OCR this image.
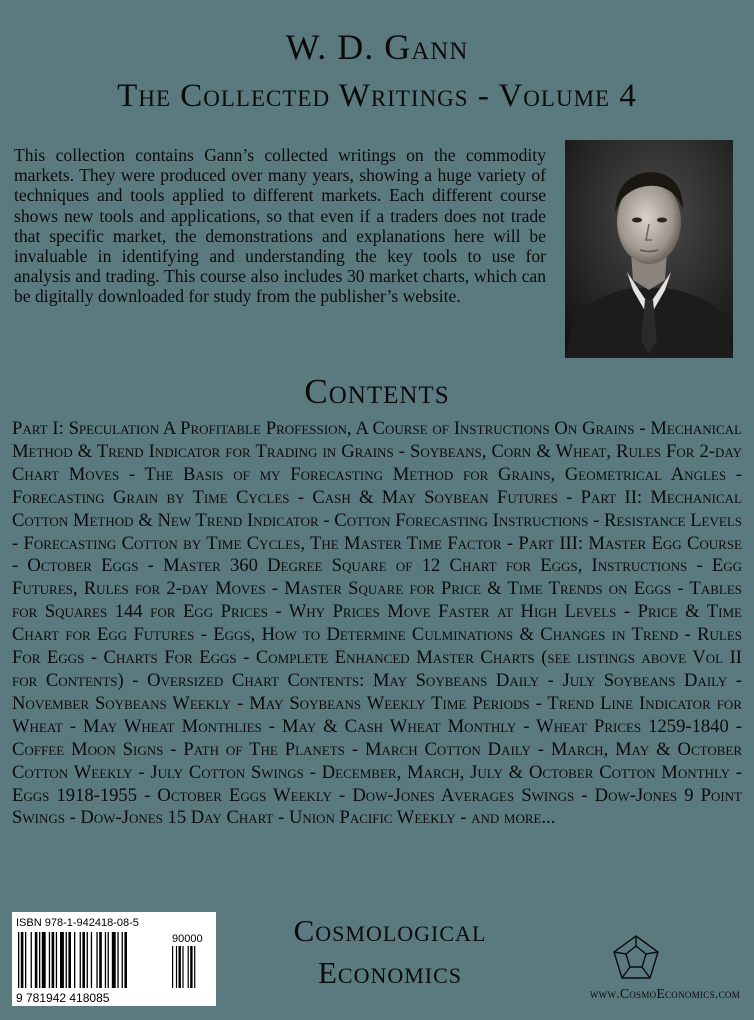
W. D. Gann
The Collected Writings - Volume 4
This collection contains Gann’s collected writings on the commodity markets. They were produced over many years, showing a huge variety of techniques and tools applied to different markets. Each different course shows new tools and applications, so that even if a traders does not trade that specific market, the demonstrations and explanations here will be invaluable in identifying and understanding the key tools to use for analysis and trading. This course also includes 30 market charts, which can be digitally downloaded for study from the publisher’s website.
Contents
Part I: Speculation A Profitable Profession, A Course of Instructions On Grains - Mechanical Method & Trend Indicator for Trading in Grains - Soybeans, Corn & Wheat, Rules For 2-day Chart Moves - The Basis of my Forecasting Method for Grains, Geometrical Angles - Forecasting Grain by Time Cycles - Cash & May Soybean Futures - Part II: Mechanical Cotton Method & New Trend Indicator - Cotton Forecasting Instructions - Resistance Levels - Forecasting Cotton by Time Cycles, The Master Time Factor - Part III: Master Egg Course - October Eggs - Master 360 Degree Square of 12 Chart for Eggs, Instructions - Egg Futures, Rules for 2-day Moves - Master Square for Price & Time Trends on Eggs - Tables for Squares 144 for Egg Prices - Why Prices Move Faster at High Levels - Price & Time Chart for Egg Futures - Eggs, How to Determine Culminations & Changes in Trend - Rules For Eggs - Charts For Eggs - Complete Enhanced Master Charts (see listings above Vol II for Contents) - Oversized Chart Contents: May Soybeans Daily - July Soybeans Daily - November Soybeans Weekly - May Soybeans Weekly Time Periods - Trend Line Indicator for Wheat - May Wheat Monthlies - May & Cash Wheat Monthly - Wheat Prices 1259-1840 - Coffee Moon Signs - Path of The Planets - March Cotton Daily - March, May & October Cotton Weekly - July Cotton Swings - December, March, July & October Cotton Monthly - Eggs 1918-1955 - October Eggs Weekly - Dow-Jones Averages Swings - Dow-Jones 9 Point Swings - Dow-Jones 15 Day Chart - Union Pacific Weekly - and more...
ISBN 978-1-942418-08-5
90000
9 781942 418085
Cosmological
Economics
www.CosmoEconomics.com
